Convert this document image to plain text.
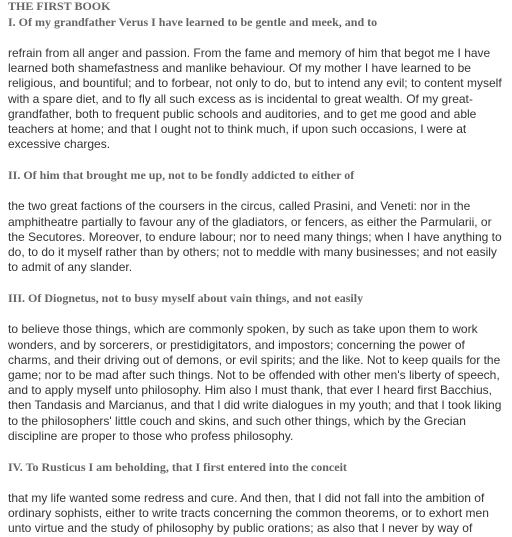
THE FIRST BOOK
I. Of my grandfather Verus I have learned to be gentle and meek, and to

refrain from all anger and passion. From the fame and memory of him that begot me I have learned both shamefastness and manlike behaviour. Of my mother I have learned to be religious, and bountiful; and to forbear, not only to do, but to intend any evil; to content myself with a spare diet, and to fly all such excess as is incidental to great wealth. Of my great-grandfather, both to frequent public schools and auditories, and to get me good and able teachers at home; and that I ought not to think much, if upon such occasions, I were at excessive charges.

II. Of him that brought me up, not to be fondly addicted to either of

the two great factions of the coursers in the circus, called Prasini, and Veneti: nor in the amphitheatre partially to favour any of the gladiators, or fencers, as either the Parmularii, or the Secutores. Moreover, to endure labour; nor to need many things; when I have anything to do, to do it myself rather than by others; not to meddle with many businesses; and not easily to admit of any slander.

III. Of Diognetus, not to busy myself about vain things, and not easily

to believe those things, which are commonly spoken, by such as take upon them to work wonders, and by sorcerers, or prestidigitators, and impostors; concerning the power of charms, and their driving out of demons, or evil spirits; and the like. Not to keep quails for the game; nor to be mad after such things. Not to be offended with other men's liberty of speech, and to apply myself unto philosophy. Him also I must thank, that ever I heard first Bacchius, then Tandasis and Marcianus, and that I did write dialogues in my youth; and that I took liking to the philosophers' little couch and skins, and such other things, which by the Grecian discipline are proper to those who profess philosophy.

IV. To Rusticus I am beholding, that I first entered into the conceit

that my life wanted some redress and cure. And then, that I did not fall into the ambition of ordinary sophists, either to write tracts concerning the common theorems, or to exhort men unto virtue and the study of philosophy by public orations; as also that I never by way of
